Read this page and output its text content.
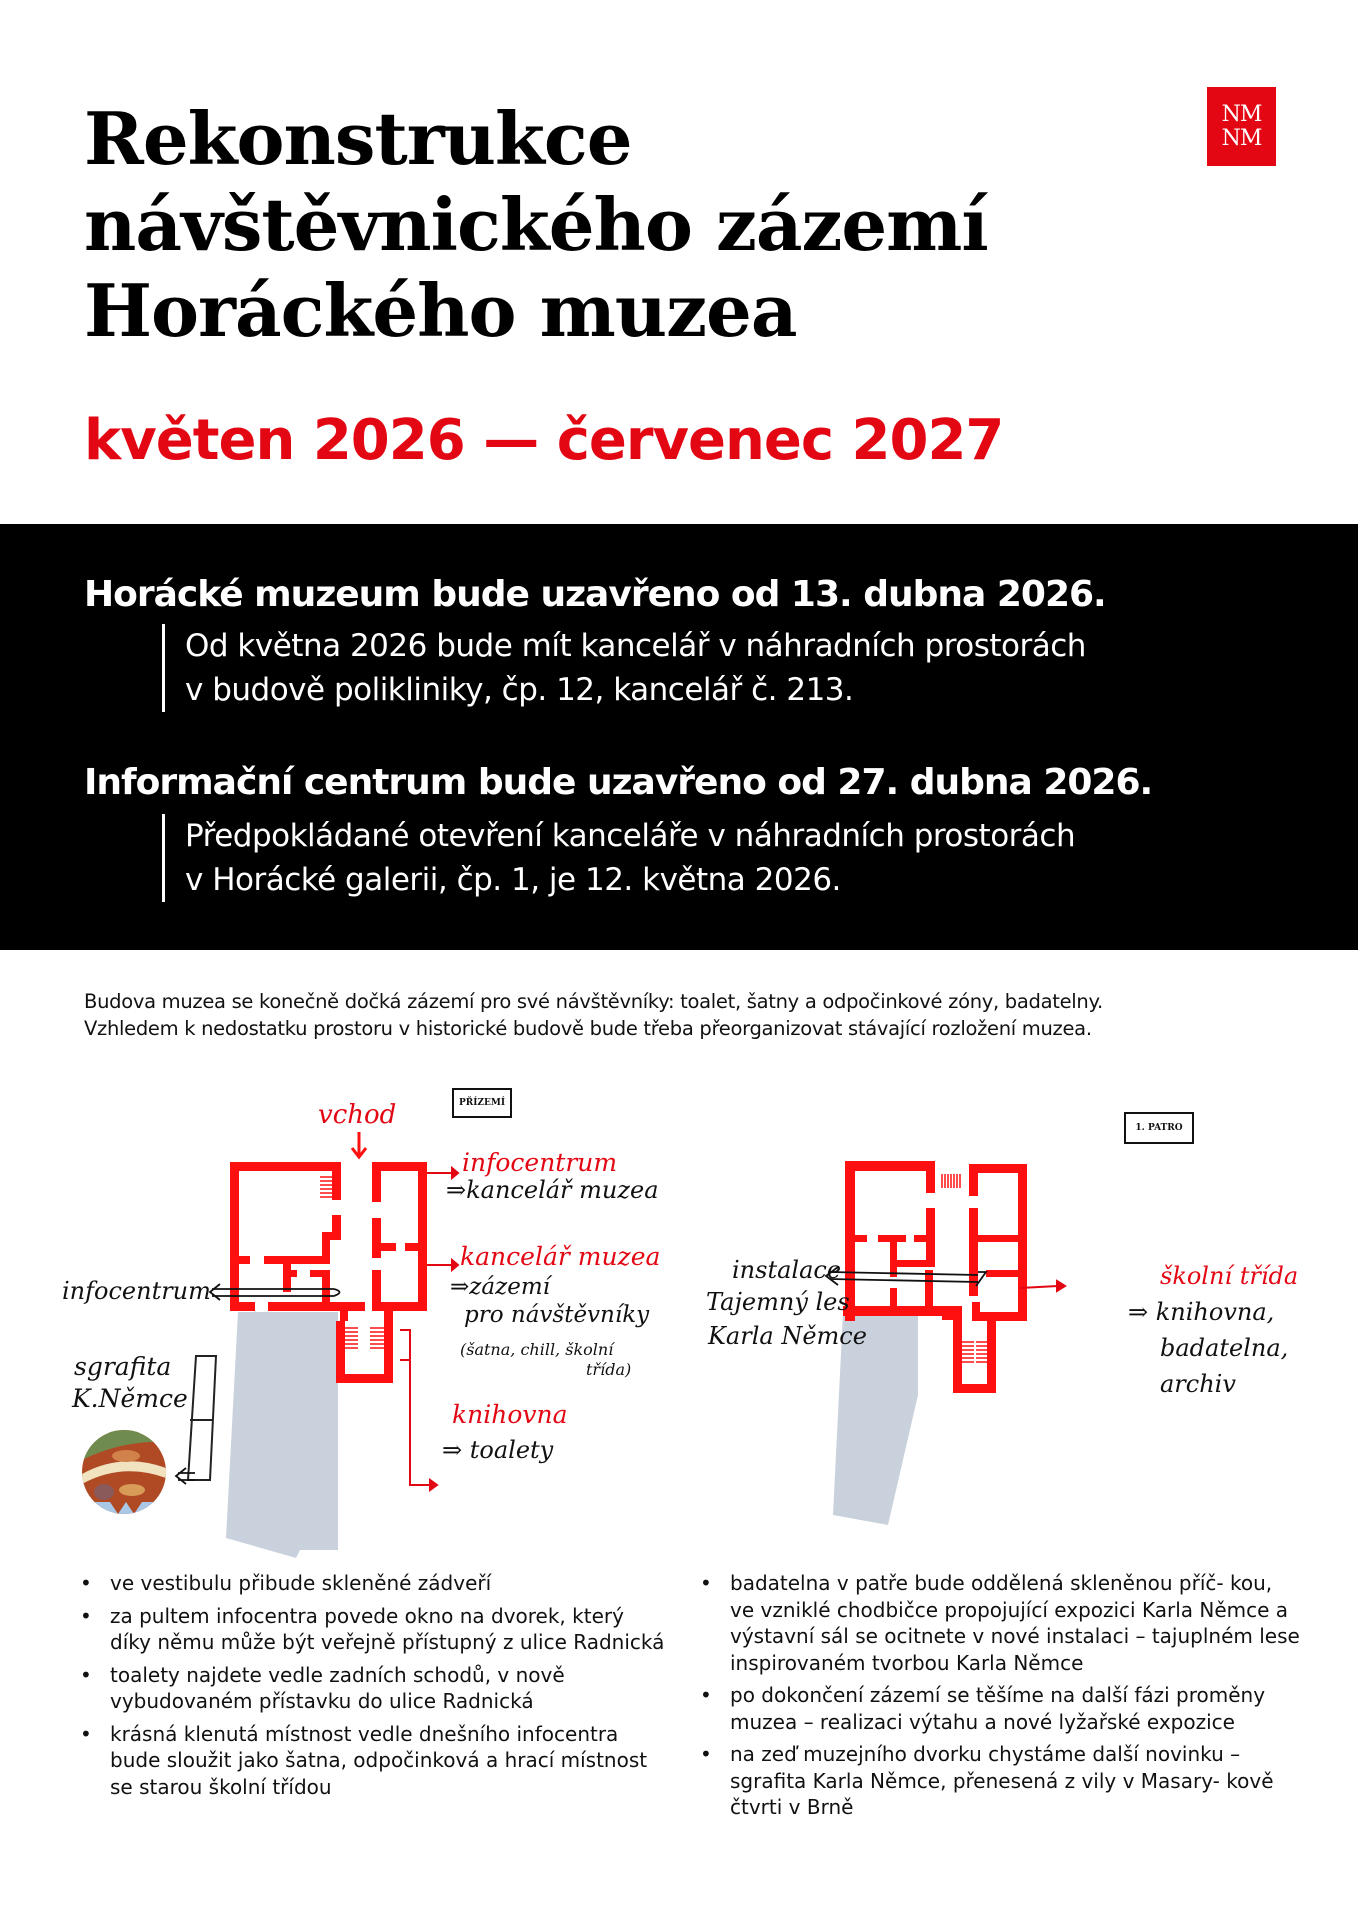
Rekonstrukce
návštěvnického zázemí
Horáckého muzea
květen 2026 — červenec 2027
NM
NM
Horácké muzeum bude uzavřeno od 13. dubna 2026.
Od května 2026 bude mít kancelář v náhradních prostorách
v budově polikliniky, čp. 12, kancelář č. 213.
Informační centrum bude uzavřeno od 27. dubna 2026.
Předpokládané otevření kanceláře v náhradních prostorách
v Horácké galerii, čp. 1, je 12. května 2026.
Budova muzea se konečně dočká zázemí pro své návštěvníky: toalet, šatny a odpočinkové zóny, badatelny.
Vzhledem k nedostatku prostoru v historické budově bude třeba přeorganizovat stávající rozložení muzea.
PŘÍZEMÍ
vchod
infocentrum
⇒kancelář muzea
kancelář muzea
⇒zázemí
pro návštěvníky
(šatna, chill, školní
třída)
knihovna
⇒ toalety
infocentrum
sgrafita
K.Němce
1. PATRO
instalace
Tajemný les
Karla Němce
školní třída
⇒ knihovna,
badatelna,
archiv
• ve vestibulu přibude skleněné zádveří
• za pultem infocentra povede okno na dvorek, který díky němu může být veřejně přístupný z ulice Radnická
• toalety najdete vedle zadních schodů, v nově vybudovaném přístavku do ulice Radnická
• krásná klenutá místnost vedle dnešního infocentra bude sloužit jako šatna, odpočinková a hrací místnost se starou školní třídou
• badatelna v patře bude oddělená skleněnou příč- kou, ve vzniklé chodbičce propojující expozici Karla Němce a výstavní sál se ocitnete v nové instalaci – tajuplném lese inspirovaném tvorbou Karla Němce
• po dokončení zázemí se těšíme na další fázi proměny muzea – realizaci výtahu a nové lyžařské expozice
• na zeď muzejního dvorku chystáme další novinku – sgrafita Karla Němce, přenesená z vily v Masary- kově čtvrti v Brně
